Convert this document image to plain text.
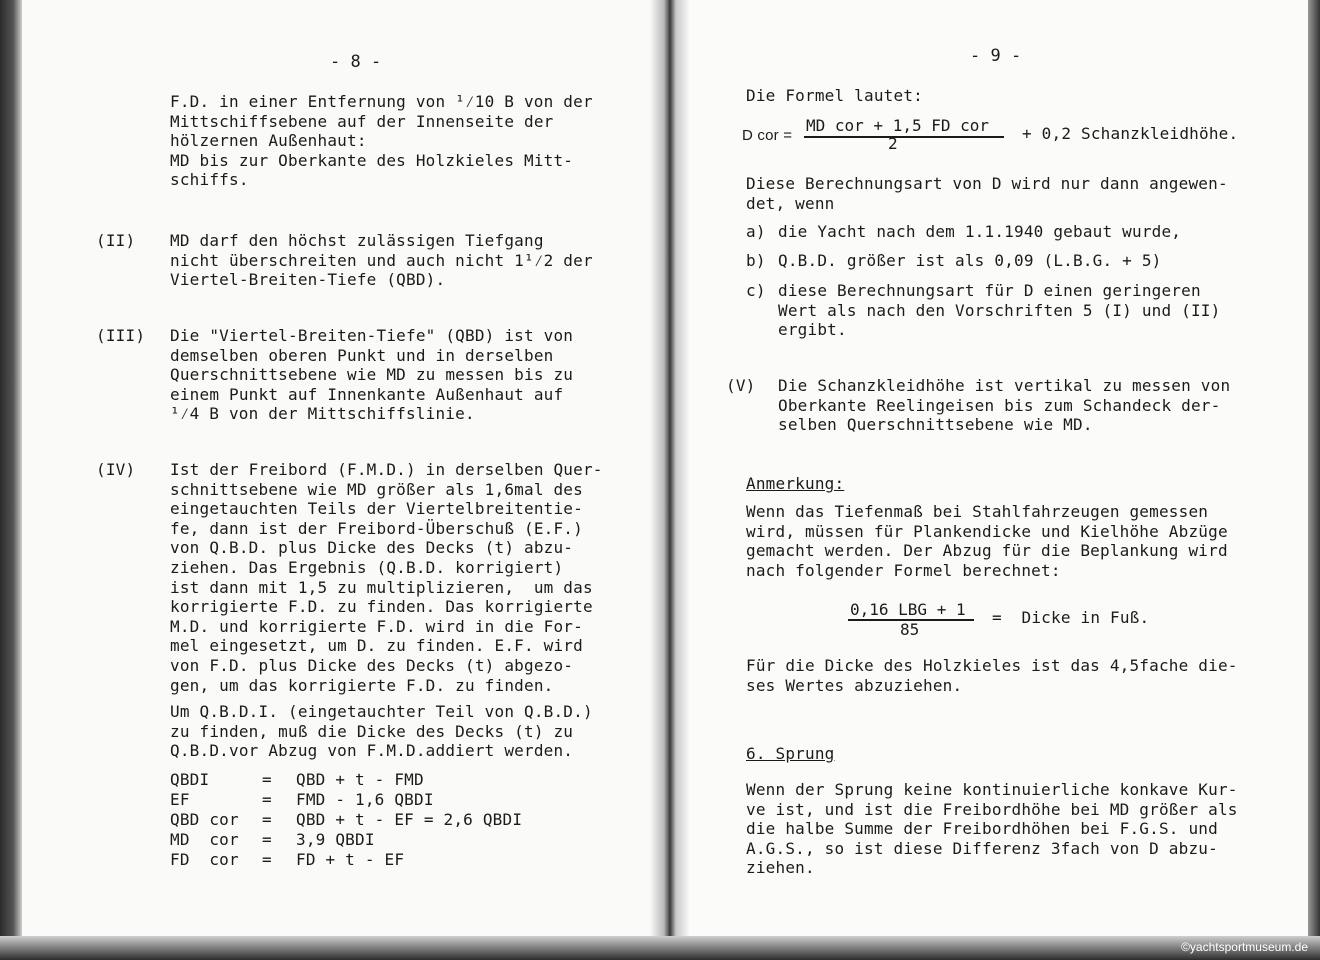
- 8 -
F.D. in einer Entfernung von ¹⁄10 B von der
Mittschiffsebene auf der Innenseite der
hölzernen Außenhaut:
MD bis zur Oberkante des Holzkieles Mitt-
schiffs.
(II) MD darf den höchst zulässigen Tiefgang
nicht überschreiten und auch nicht 1¹⁄2 der
Viertel-Breiten-Tiefe (QBD).
(III) Die "Viertel-Breiten-Tiefe" (QBD) ist von
demselben oberen Punkt und in derselben
Querschnittsebene wie MD zu messen bis zu
einem Punkt auf Innenkante Außenhaut auf
¹⁄4 B von der Mittschiffslinie.
(IV) Ist der Freibord (F.M.D.) in derselben Quer-
schnittsebene wie MD größer als 1,6mal des
eingetauchten Teils der Viertelbreitentie-
fe, dann ist der Freibord-Überschuß (E.F.)
von Q.B.D. plus Dicke des Decks (t) abzu-
ziehen. Das Ergebnis (Q.B.D. korrigiert)
ist dann mit 1,5 zu multiplizieren,  um das
korrigierte F.D. zu finden. Das korrigierte
M.D. und korrigierte F.D. wird in die For-
mel eingesetzt, um D. zu finden. E.F. wird
von F.D. plus Dicke des Decks (t) abgezo-
gen, um das korrigierte F.D. zu finden.
Um Q.B.D.I. (eingetauchter Teil von Q.B.D.)
zu finden, muß die Dicke des Decks (t) zu
Q.B.D.vor Abzug von F.M.D.addiert werden.
QBDI	= QBD + t - FMD
EF	= FMD - 1,6 QBDI
QBD cor = QBD + t - EF = 2,6 QBDI
MD  cor = 3,9 QBDI
FD  cor = FD + t - EF
- 9 -
Die Formel lautet:
D cor =
MD cor + 1,5 FD cor
2
+ 0,2 Schanzkleidhöhe.
Diese Berechnungsart von D wird nur dann angewen-
det, wenn
a) die Yacht nach dem 1.1.1940 gebaut wurde,
b) Q.B.D. größer ist als 0,09 (L.B.G. + 5)
c) diese Berechnungsart für D einen geringeren
Wert als nach den Vorschriften 5 (I) und (II)
ergibt.
(V) Die Schanzkleidhöhe ist vertikal zu messen von
Oberkante Reelingeisen bis zum Schandeck der-
selben Querschnittsebene wie MD.
Anmerkung:
Wenn das Tiefenmaß bei Stahlfahrzeugen gemessen
wird, müssen für Plankendicke und Kielhöhe Abzüge
gemacht werden. Der Abzug für die Beplankung wird
nach folgender Formel berechnet:
0,16 LBG + 1
85
=  Dicke in Fuß.
Für die Dicke des Holzkieles ist das 4,5fache die-
ses Wertes abzuziehen.
6. Sprung
Wenn der Sprung keine kontinuierliche konkave Kur-
ve ist, und ist die Freibordhöhe bei MD größer als
die halbe Summe der Freibordhöhen bei F.G.S. und
A.G.S., so ist diese Differenz 3fach von D abzu-
ziehen.
©yachtsportmuseum.de
